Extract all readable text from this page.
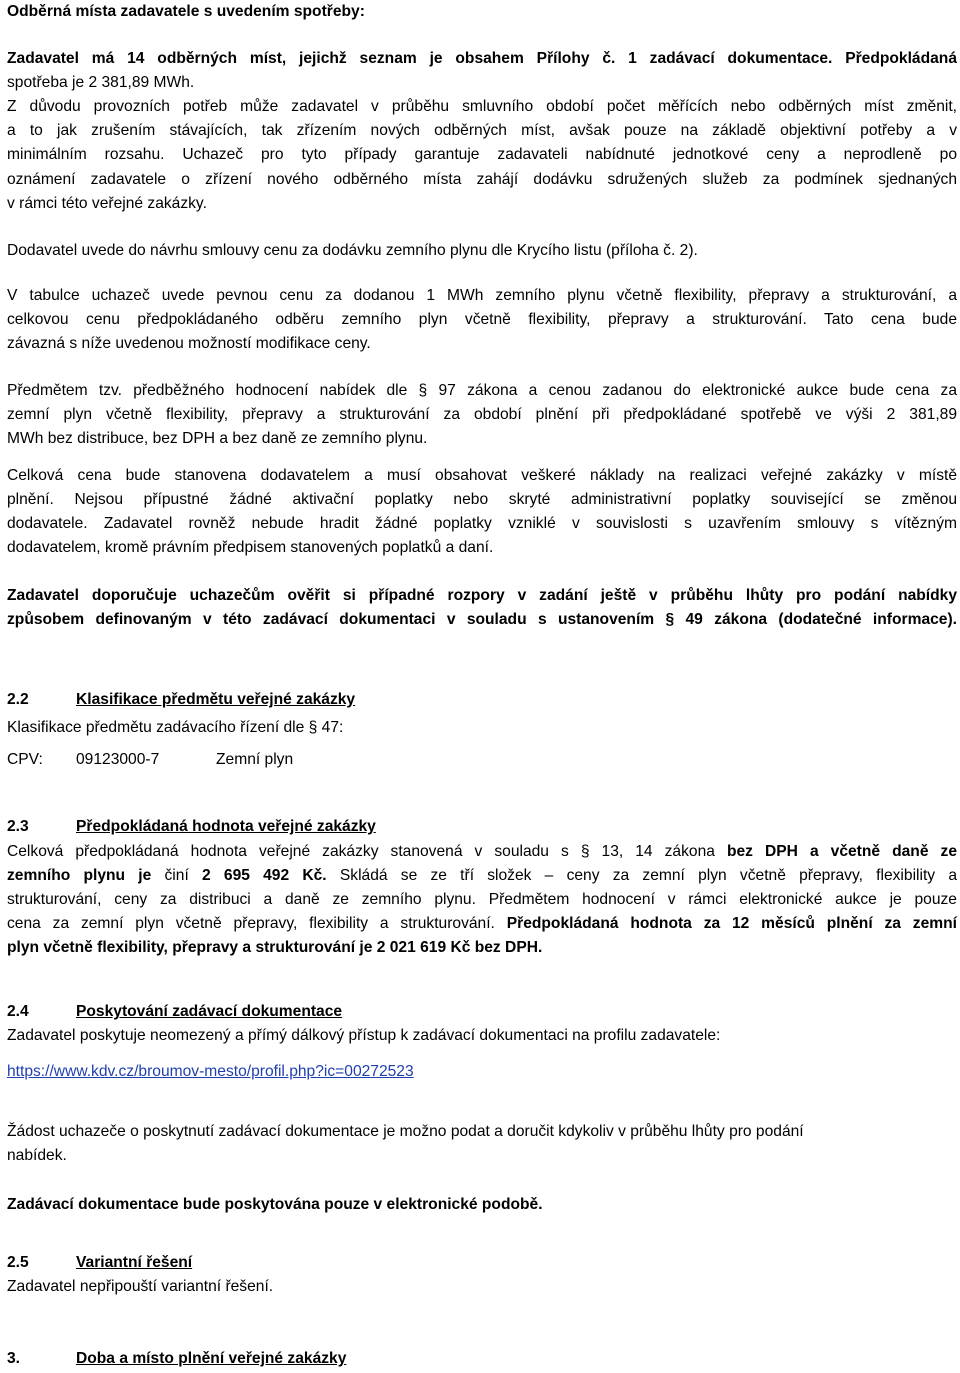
Odběrná místa zadavatele s uvedením spotřeby:
Zadavatel má 14 odběrných míst, jejichž seznam je obsahem Přílohy č. 1 zadávací dokumentace. Předpokládaná
spotřeba je 2 381,89 MWh.
Z důvodu provozních potřeb může zadavatel v průběhu smluvního období počet měřících nebo odběrných míst změnit,
a to jak zrušením stávajících, tak zřízením nových odběrných míst, avšak pouze na základě objektivní potřeby a v
minimálním rozsahu. Uchazeč pro tyto případy garantuje zadavateli nabídnuté jednotkové ceny a neprodleně po
oznámení zadavatele o zřízení nového odběrného místa zahájí dodávku sdružených služeb za podmínek sjednaných
v rámci této veřejné zakázky.
Dodavatel uvede do návrhu smlouvy cenu za dodávku zemního plynu dle Krycího listu (příloha č. 2).
V tabulce uchazeč uvede pevnou cenu za dodanou 1 MWh zemního plynu včetně flexibility, přepravy a strukturování, a
celkovou cenu předpokládaného odběru zemního plyn včetně flexibility, přepravy a strukturování. Tato cena bude
závazná s níže uvedenou možností modifikace ceny.
Předmětem tzv. předběžného hodnocení nabídek dle § 97 zákona a cenou zadanou do elektronické aukce bude cena za
zemní plyn včetně flexibility, přepravy a strukturování za období plnění při předpokládané spotřebě ve výši 2 381,89
MWh bez distribuce, bez DPH a bez daně ze zemního plynu.
Celková cena bude stanovena dodavatelem a musí obsahovat veškeré náklady na realizaci veřejné zakázky v místě
plnění. Nejsou přípustné žádné aktivační poplatky nebo skryté administrativní poplatky související se změnou
dodavatele. Zadavatel rovněž nebude hradit žádné poplatky vzniklé v souvislosti s uzavřením smlouvy s vítězným
dodavatelem, kromě právním předpisem stanovených poplatků a daní.
Zadavatel doporučuje uchazečům ověřit si případné rozpory v zadání ještě v průběhu lhůty pro podání nabídky
způsobem definovaným v této zadávací dokumentaci v souladu s ustanovením § 49 zákona (dodatečné informace).
2.2	Klasifikace předmětu veřejné zakázky
Klasifikace předmětu zadávacího řízení dle § 47:
CPV: 09123000-7	Zemní plyn
2.3	Předpokládaná hodnota veřejné zakázky
Celková předpokládaná hodnota veřejné zakázky stanovená v souladu s § 13, 14 zákona bez DPH a včetně daně ze
zemního plynu je činí 2 695 492 Kč. Skládá se ze tří složek – ceny za zemní plyn včetně přepravy, flexibility a
strukturování, ceny za distribuci a daně ze zemního plynu. Předmětem hodnocení v rámci elektronické aukce je pouze
cena za zemní plyn včetně přepravy, flexibility a strukturování. Předpokládaná hodnota za 12 měsíců plnění za zemní
plyn včetně flexibility, přepravy a strukturování je 2 021 619 Kč bez DPH.
2.4	Poskytování zadávací dokumentace
Zadavatel poskytuje neomezený a přímý dálkový přístup k zadávací dokumentaci na profilu zadavatele:
https://www.kdv.cz/broumov-mesto/profil.php?ic=00272523
Žádost uchazeče o poskytnutí zadávací dokumentace je možno podat a doručit kdykoliv v průběhu lhůty pro podání
nabídek.
Zadávací dokumentace bude poskytována pouze v elektronické podobě.
2.5	Variantní řešení
Zadavatel nepřipouští variantní řešení.
3.	Doba a místo plnění veřejné zakázky
